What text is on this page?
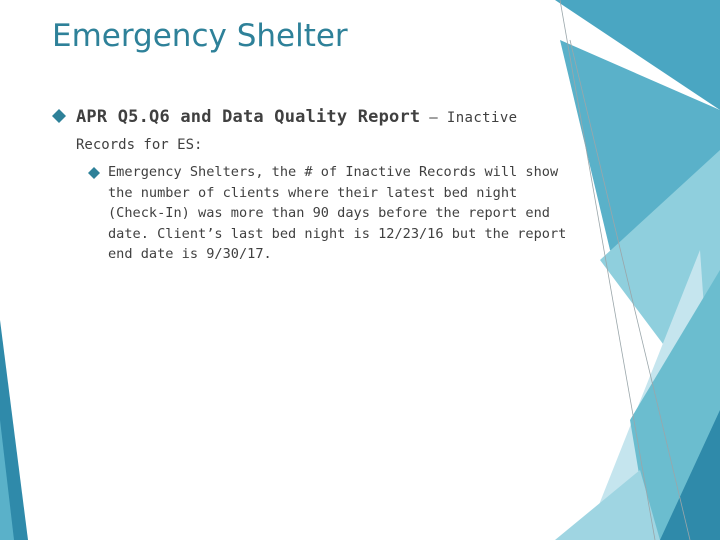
Emergency Shelter
APR Q5.Q6 and Data Quality Report – Inactive
Records for ES:
Emergency Shelters, the # of Inactive Records will show the number of clients where their latest bed night (Check-In) was more than 90 days before the report end date. Client’s last bed night is 12/23/16 but the report end date is 9/30/17.
